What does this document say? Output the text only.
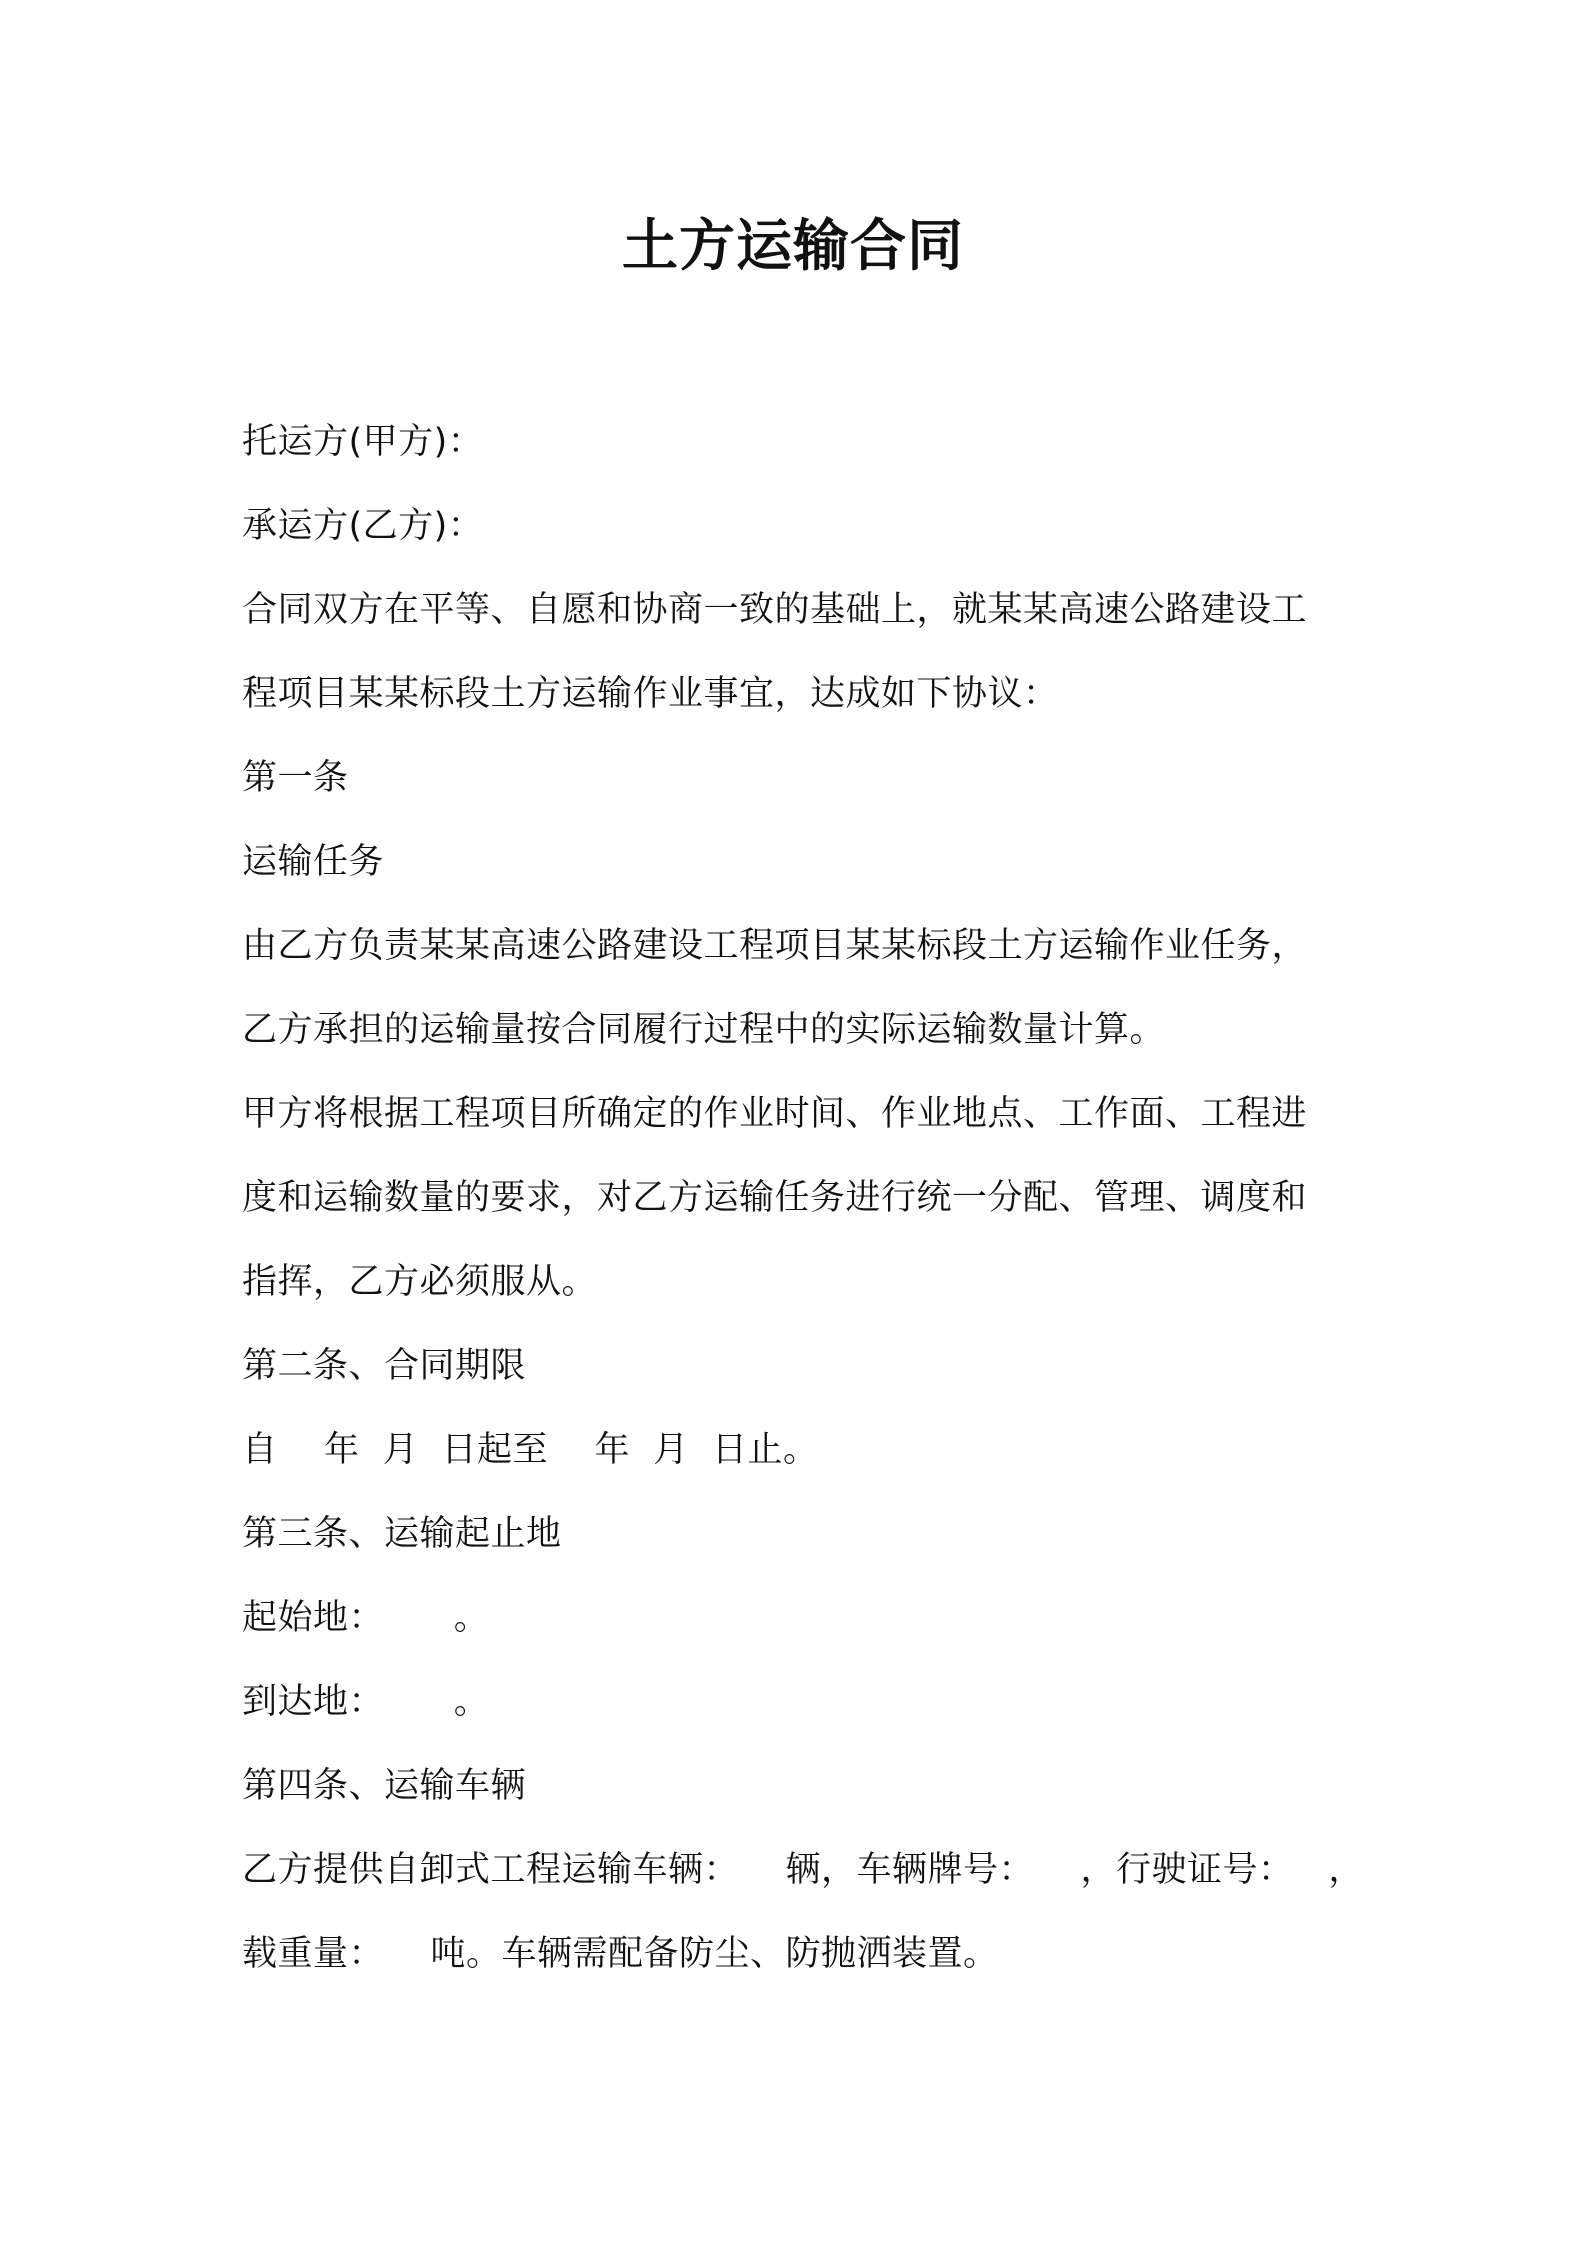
土方运输合同
托运方(甲方)：
承运方(乙方)：
合同双方在平等、自愿和协商一致的基础上，就某某高速公路建设工
程项目某某标段土方运输作业事宜，达成如下协议：
第一条
运输任务
由乙方负责某某高速公路建设工程项目某某标段土方运输作业任务，
乙方承担的运输量按合同履行过程中的实际运输数量计算。
甲方将根据工程项目所确定的作业时间、作业地点、工作面、工程进
度和运输数量的要求，对乙方运输任务进行统一分配、管理、调度和
指挥，乙方必须服从。
第二条、合同期限
自    年  月  日起至    年  月  日止。
第三条、运输起止地
起始地：      。
到达地：      。
第四条、运输车辆
乙方提供自卸式工程运输车辆：    辆，车辆牌号：    ，行驶证号：   ，
载重量：    吨。车辆需配备防尘、防抛洒装置。
